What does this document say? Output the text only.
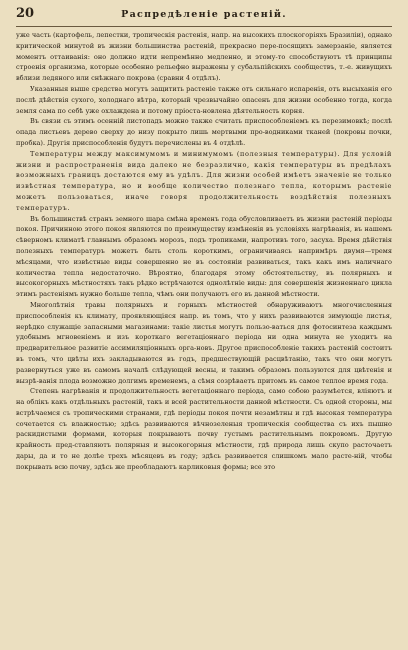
20	Распредѣленіе растеній.

уже часть (картофель, лепестки, тропическія растенія, напр. на высокихъ плоскогорiяхъ Бразиліи), однако критической минутой въ жизни большинства растеній, прекрасно пере-посящихъ замерзаніе, является моментъ оттаиванія: оно должно идти непремѣнно медленно, и этому-то способствуютъ тѣ принципы строенія организма, которые особенно рельефно выражены у субальпійскихъ сообществъ, т.-е. живущихъ вблизи ледяного или снѣжнаго покрова (сравни 4 отдѣлъ).

Указанныя выше средства могутъ защитить растеніе также отъ сильнаго испаренія, отъ высыханія его послѣ дѣйствія сухого, холоднаго вѣтра, который чрезвычайно опасенъ для жизни особенно тогда, когда земля сама по себѣ уже охлаждена и потому пріоста-новлена дѣятельность корня.

Въ связи съ этимъ осенній листопадъ можно также считать приспособленіемъ къ перезимовкѣ; послѣ опада листьевъ дерево сверху до низу покрыто лишь мертвыми про-водниками тканей (покровы почки, пробка). Другія приспособленія будутъ перечислены въ 4 отдѣлѣ.

Температуры между максимумомъ и минимумомъ (полезныя температуры). Для условій жизни и распространенія вида далеко не безразлично, какія температуры въ предѣлахъ возможныхъ границъ достаются ему въ удѣлъ. Для жизни особей имѣетъ значеніе не только извѣстная температура, но и вообще количество полезнаго тепла, которымъ растеніе можетъ пользоваться, иначе говоря продолжительность воздѣйствія полезныхъ температуръ.

Въ большинствѣ странъ земного шара смѣна временъ года обусловливаетъ въ жизни растеній періоды покоя. Причинною этого покоя являются по преимуществу измѣненія въ условіяхъ нагрѣванія, въ нашемъ сѣверномъ климатѣ главнымъ образомъ морозъ, подъ тропиками, напротивъ того, засуха. Время дѣйствія полезныхъ температуръ можетъ быть столь короткимъ, ограничиваясь напримѣръ двумя—тремя мѣсяцами, что извѣстные виды совершенно не въ состояніи развиваться, такъ какъ имъ наличнаго количества тепла недостаточно. Вѣроятно, благодаря этому обстоятельству, въ полярныхъ и высокогорныхъ мѣстностяхъ такъ рѣдко встрѣчаются однолѣтніе виды: для совершенія жизненнаго цикла этимъ растеніямъ нужно больше тепла, чѣмъ они получаютъ его въ данной мѣстности.

Многолѣтнія травы полярныхъ и горныхъ мѣстностей обнаруживаютъ многочисленныя приспособленія къ климату, проявляющіяся напр. въ томъ, что у нихъ развиваются зимующіе листья, нерѣдко служащіе запасными магазинами: такіе листья могутъ пользо-ваться для фотосинтеза каждымъ удобнымъ мгновеніемъ и изъ короткаго вегетаціоннаго періода ни одна минута не уходитъ на предварительное развитіе ассимиляціонныхъ орга-новъ. Другое приспособленіе такихъ растеній состоитъ въ томъ, что цвѣты ихъ закладываются въ годъ, предшествующій расцвѣтанію, такъ что они могутъ развернуться уже въ самомъ началѣ слѣдующей весны, и такимъ образомъ пользуются для цвѣтенія и вызрѣ-ванія плода возможно долгимъ временемъ, а сѣмя созрѣваетъ притомъ въ самое теплое время года.

Степень нагрѣванія и продолжительность вегетаціоннаго періода, само собою разумѣется, вліяютъ и на облікъ какъ отдѣльныхъ растеній, такъ и всей растительности данной мѣстности. Съ одной стороны, мы встрѣчаемся съ тропическими странами, гдѣ періоды покоя почти незамѣтны и гдѣ высокая температура сочетается съ влажностью; здѣсь развиваются вѣчнозеленыя тропическія сообщества съ ихъ пышно раскидистыми формами, которыя покрываютъ почву густымъ растительнымъ покровомъ. Другую крайность пред-ставляютъ полярныя и высокогорныя мѣстности, гдѣ природа лишь скупо расточаетъ дары, да и то не долѣе трехъ мѣсяцевъ въ году; здѣсь развивается слишкомъ мало расте-ній, чтобы покрывать всю почву, здѣсь же преобладаютъ карликовыя формы; все это
